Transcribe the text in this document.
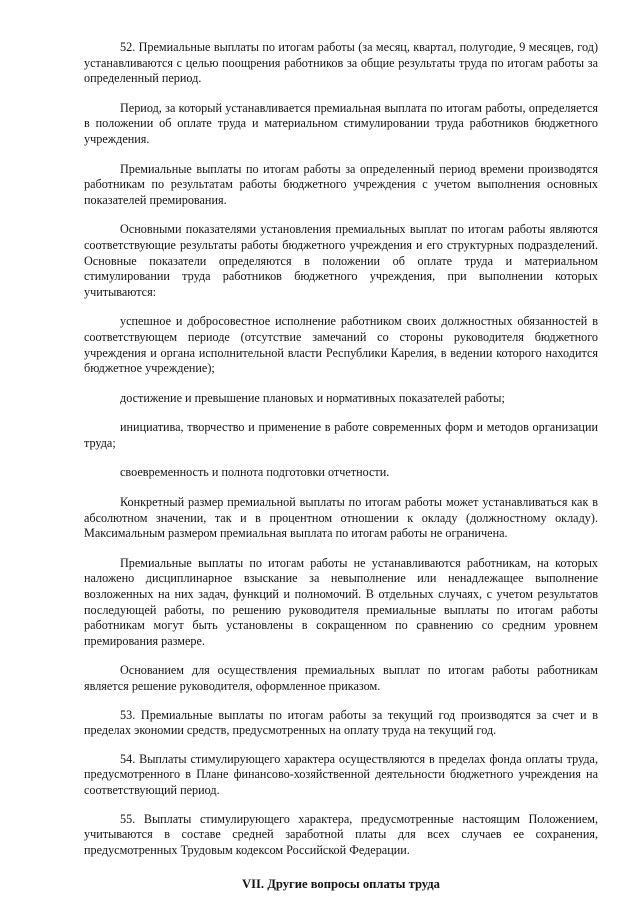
52. Премиальные выплаты по итогам работы (за месяц, квартал, полугодие, 9 месяцев, год) устанавливаются с целью поощрения работников за общие результаты труда по итогам работы за определенный период.

Период, за который устанавливается премиальная выплата по итогам работы, определяется в положении об оплате труда и материальном стимулировании труда работников бюджетного учреждения.

Премиальные выплаты по итогам работы за определенный период времени производятся работникам по результатам работы бюджетного учреждения с учетом выполнения основных показателей премирования.

Основными показателями установления премиальных выплат по итогам работы являются соответствующие результаты работы бюджетного учреждения и его структурных подразделений. Основные показатели определяются в положении об оплате труда и материальном стимулировании труда работников бюджетного учреждения, при выполнении которых учитываются:

успешное и добросовестное исполнение работником своих должностных обязанностей в соответствующем периоде (отсутствие замечаний со стороны руководителя бюджетного учреждения и органа исполнительной власти Республики Карелия, в ведении которого находится бюджетное учреждение);

достижение и превышение плановых и нормативных показателей работы;

инициатива, творчество и применение в работе современных форм и методов организации труда;

своевременность и полнота подготовки отчетности.

Конкретный размер премиальной выплаты по итогам работы может устанавливаться как в абсолютном значении, так и в процентном отношении к окладу (должностному окладу). Максимальным размером премиальная выплата по итогам работы не ограничена.

Премиальные выплаты по итогам работы не устанавливаются работникам, на которых наложено дисциплинарное взыскание за невыполнение или ненадлежащее выполнение возложенных на них задач, функций и полномочий. В отдельных случаях, с учетом результатов последующей работы, по решению руководителя премиальные выплаты по итогам работы работникам могут быть установлены в сокращенном по сравнению со средним уровнем премирования размере.

Основанием для осуществления премиальных выплат по итогам работы работникам является решение руководителя, оформленное приказом.

53. Премиальные выплаты по итогам работы за текущий год производятся за счет и в пределах экономии средств, предусмотренных на оплату труда на текущий год.

54. Выплаты стимулирующего характера осуществляются в пределах фонда оплаты труда, предусмотренного в Плане финансово-хозяйственной деятельности бюджетного учреждения на соответствующий период.

55. Выплаты стимулирующего характера, предусмотренные настоящим Положением, учитываются в составе средней заработной платы для всех случаев ее сохранения, предусмотренных Трудовым кодексом Российской Федерации.

VII. Другие вопросы оплаты труда
